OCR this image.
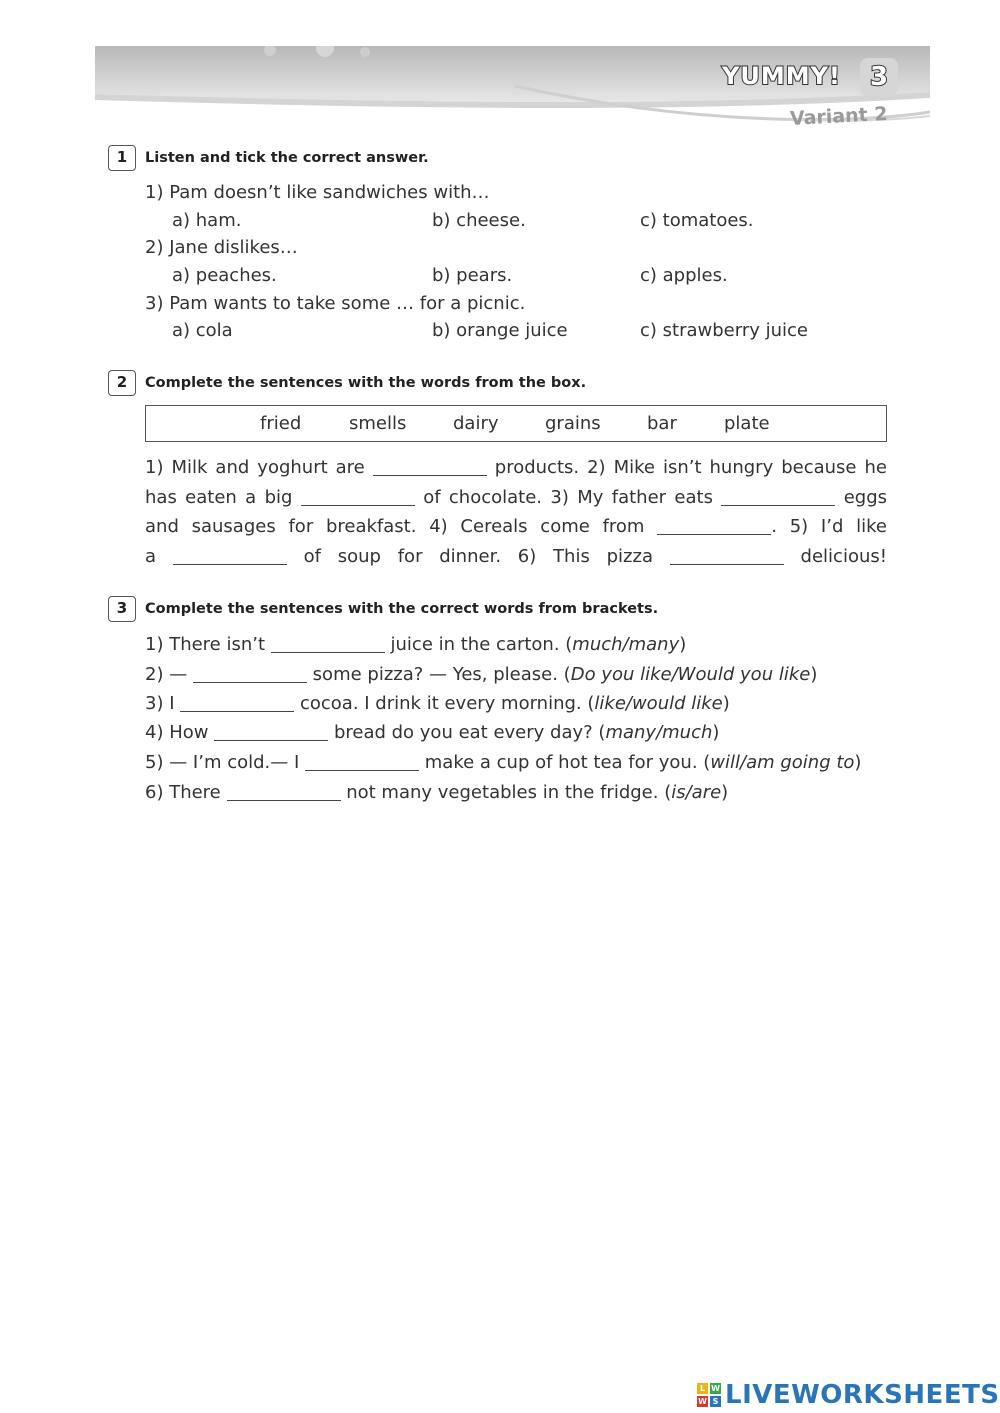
YUMMY!	3
Variant 2
1	Listen and tick the correct answer.
1) Pam doesn’t like sandwiches with…
a) ham.	b) cheese.	c) tomatoes.
2) Jane dislikes…
a) peaches.	b) pears.	c) apples.
3) Pam wants to take some … for a picnic.
a) cola	b) orange juice	c) strawberry juice
2	Complete the sentences with the words from the box.
fried	smells	dairy	grains	bar	plate
1) Milk and yoghurt are	products. 2) Mike isn’t hungry because he
has eaten a big	of chocolate. 3) My father eats	eggs
and sausages for breakfast. 4) Cereals come from	. 5) I’d like
a	of soup for dinner. 6) This pizza	delicious!
3	Complete the sentences with the correct words from brackets.
1) There isn’t	juice in the carton. (much/many)
2) —	some pizza? — Yes, please. (Do you like/Would you like)
3) I	cocoa. I drink it every morning. (like/would like)
4) How	bread do you eat every day? (many/much)
5) — I’m cold.— I	make a cup of hot tea for you. (will/am going to)
6) There	not many vegetables in the fridge. (is/are)
L W
W S LIVEWORKSHEETS
